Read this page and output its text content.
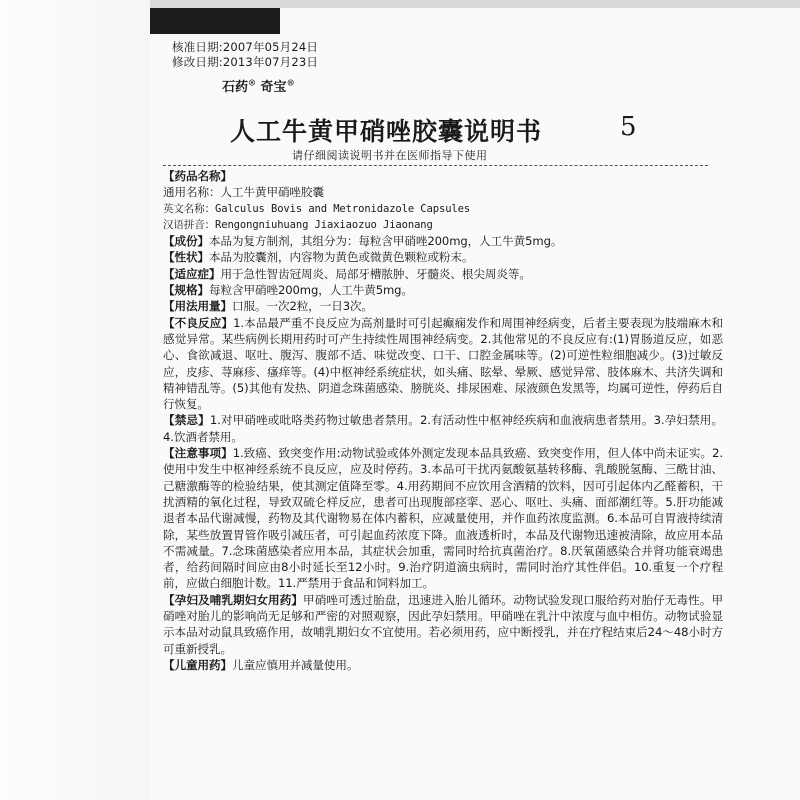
核准日期:2007年05月24日
修改日期:2013年07月23日
石药® 奇宝®
人工牛黄甲硝唑胶囊说明书	5
请仔细阅读说明书并在医师指导下使用

【药品名称】

通用名称：人工牛黄甲硝唑胶囊

英文名称：Galculus Bovis and Metronidazole Capsules

汉语拼音：Rengongniuhuang Jiaxiaozuo Jiaonang

【成份】本品为复方制剂，其组分为：每粒含甲硝唑200mg，人工牛黄5mg。

【性状】本品为胶囊剂，内容物为黄色或微黄色颗粒或粉末。

【适应症】用于急性智齿冠周炎、局部牙槽脓肿、牙髓炎、根尖周炎等。

【规格】每粒含甲硝唑200mg，人工牛黄5mg。

【用法用量】口服。一次2粒，一日3次。

【不良反应】1.本品最严重不良反应为高剂量时可引起癫痫发作和周围神经病变，后者主要表现为肢端麻木和感觉异常。某些病例长期用药时可产生持续性周围神经病变。2.其他常见的不良反应有:(1)胃肠道反应，如恶心、食欲减退、呕吐、腹泻、腹部不适、味觉改变、口干、口腔金属味等。(2)可逆性粒细胞减少。(3)过敏反应，皮疹、荨麻疹、瘙痒等。(4)中枢神经系统症状，如头痛、眩晕、晕厥、感觉异常、肢体麻木、共济失调和精神错乱等。(5)其他有发热、阴道念珠菌感染、膀胱炎、排尿困难、尿液颜色发黑等，均属可逆性，停药后自行恢复。

【禁忌】1.对甲硝唑或吡咯类药物过敏患者禁用。2.有活动性中枢神经疾病和血液病患者禁用。3.孕妇禁用。4.饮酒者禁用。

【注意事项】1.致癌、致突变作用:动物试验或体外测定发现本品具致癌、致突变作用，但人体中尚未证实。2.使用中发生中枢神经系统不良反应，应及时停药。3.本品可干扰丙氨酸氨基转移酶、乳酸脱氢酶、三酰甘油、己糖激酶等的检验结果，使其测定值降至零。4.用药期间不应饮用含酒精的饮料，因可引起体内乙醛蓄积，干扰酒精的氧化过程，导致双硫仑样反应，患者可出现腹部痉挛、恶心、呕吐、头痛、面部潮红等。5.肝功能减退者本品代谢减慢，药物及其代谢物易在体内蓄积，应减量使用，并作血药浓度监测。6.本品可自胃液持续清除，某些放置胃管作吸引减压者，可引起血药浓度下降。血液透析时，本品及代谢物迅速被清除，故应用本品不需减量。7.念珠菌感染者应用本品，其症状会加重，需同时给抗真菌治疗。8.厌氧菌感染合并肾功能衰竭患者，给药间隔时间应由8小时延长至12小时。9.治疗阴道滴虫病时，需同时治疗其性伴侣。10.重复一个疗程前，应做白细胞计数。11.严禁用于食品和饲料加工。

【孕妇及哺乳期妇女用药】甲硝唑可透过胎盘，迅速进入胎儿循环。动物试验发现口服给药对胎仔无毒性。甲硝唑对胎儿的影响尚无足够和严密的对照观察，因此孕妇禁用。甲硝唑在乳汁中浓度与血中相仿。动物试验显示本品对动鼠具致癌作用，故哺乳期妇女不宜使用。若必须用药，应中断授乳，并在疗程结束后24～48小时方可重新授乳。

【儿童用药】儿童应慎用并减量使用。
